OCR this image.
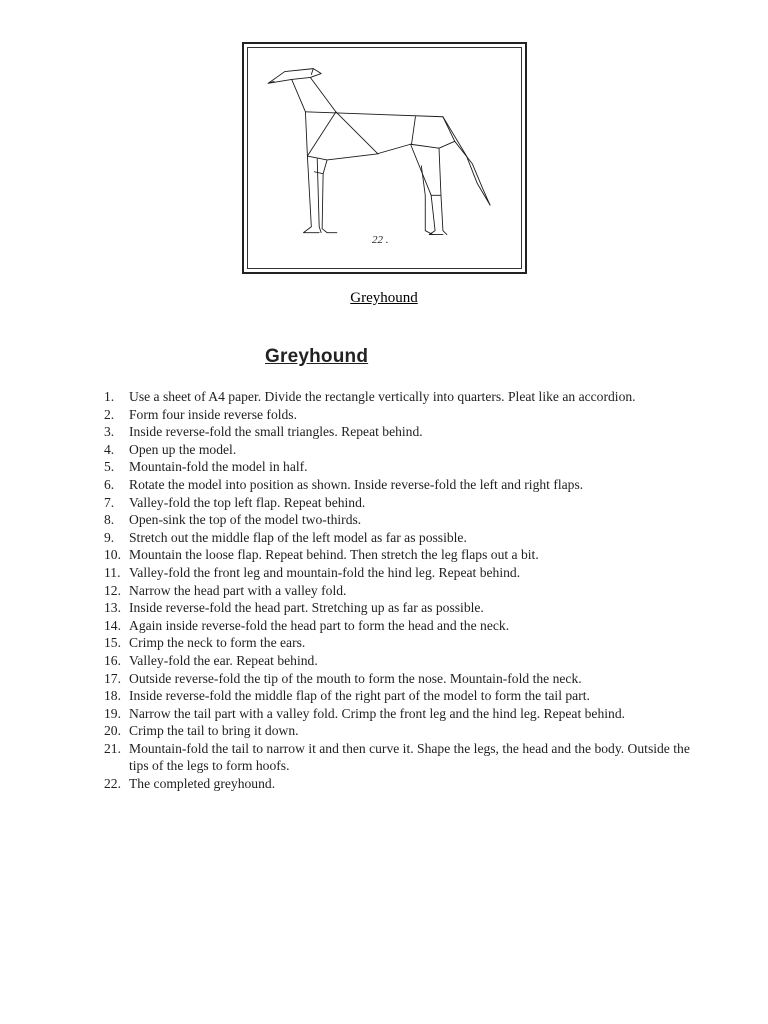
22 .
Greyhound
Greyhound
1.	Use a sheet of A4 paper. Divide the rectangle vertically into quarters. Pleat like an accordion.
2.	Form four inside reverse folds.
3.	Inside reverse-fold the small triangles. Repeat behind.
4.	Open up the model.
5.	Mountain-fold the model in half.
6.	Rotate the model into position as shown. Inside reverse-fold the left and right flaps.
7.	Valley-fold the top left flap. Repeat behind.
8.	Open-sink the top of the model two-thirds.
9.	Stretch out the middle flap of the left model as far as possible.
10. Mountain the loose flap. Repeat behind. Then stretch the leg flaps out a bit.
11. Valley-fold the front leg and mountain-fold the hind leg. Repeat behind.
12. Narrow the head part with a valley fold.
13. Inside reverse-fold the head part. Stretching up as far as possible.
14. Again inside reverse-fold the head part to form the head and the neck.
15. Crimp the neck to form the ears.
16. Valley-fold the ear. Repeat behind.
17. Outside reverse-fold the tip of the mouth to form the nose. Mountain-fold the neck.
18. Inside reverse-fold the middle flap of the right part of the model to form the tail part.
19. Narrow the tail part with a valley fold. Crimp the front leg and the hind leg. Repeat behind.
20. Crimp the tail to bring it down.
21. Mountain-fold the tail to narrow it and then curve it. Shape the legs, the head and the body. Outside the tips of the legs to form hoofs.
22. The completed greyhound.
